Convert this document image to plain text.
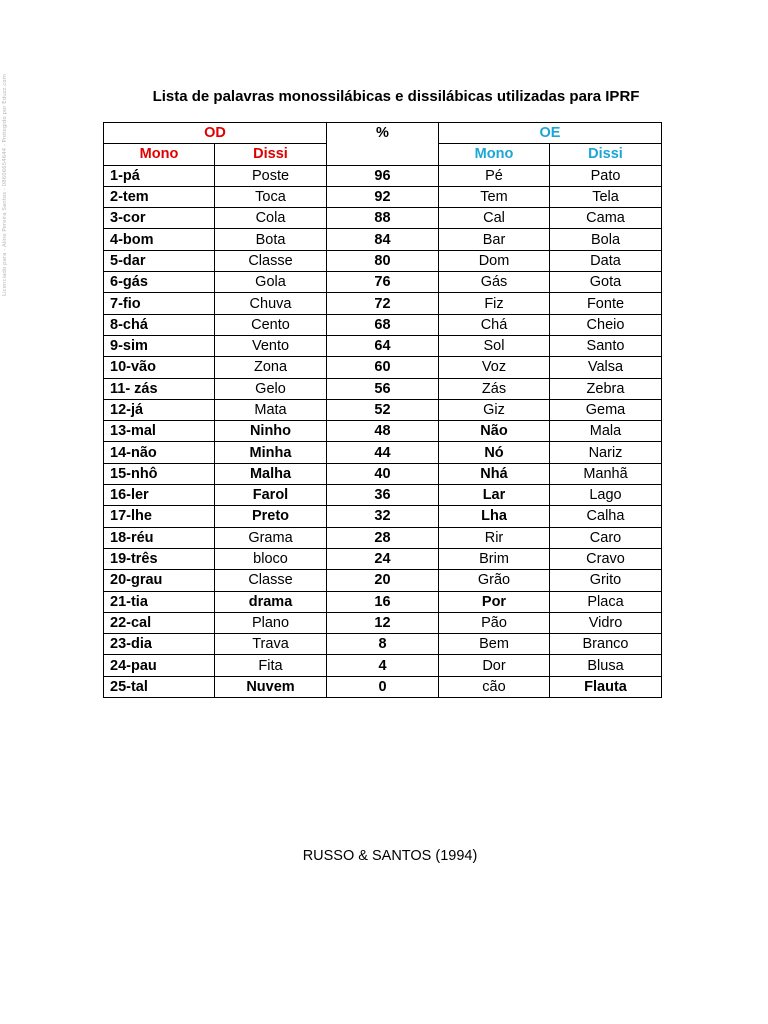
Licenciado para - Aline Pereira Santos - 08606654644 - Protegido por Eduzz.com	Lista de palavras monossilábicas e dissilábicas utilizadas para IPRF
OD		%	OE	
Mono	Dissi		Mono	Dissi
1-pá	Poste	96	Pé	Pato
2-tem	Toca	92	Tem	Tela
3-cor	Cola	88	Cal	Cama
4-bom	Bota	84	Bar	Bola
5-dar	Classe	80	Dom	Data
6-gás	Gola	76	Gás	Gota
7-fio	Chuva	72	Fiz	Fonte
8-chá	Cento	68	Chá	Cheio
9-sim	Vento	64	Sol	Santo
10-vão	Zona	60	Voz	Valsa
11- zás	Gelo	56	Zás	Zebra
12-já	Mata	52	Giz	Gema
13-mal	Ninho	48	Não	Mala
14-não	Minha	44	Nó	Nariz
15-nhô	Malha	40	Nhá	Manhã
16-ler	Farol	36	Lar	Lago
17-lhe	Preto	32	Lha	Calha
18-réu	Grama	28	Rir	Caro
19-três	bloco	24	Brim	Cravo
20-grau	Classe	20	Grão	Grito
21-tia	drama	16	Por	Placa
22-cal	Plano	12	Pão	Vidro
23-dia	Trava	8	Bem	Branco
24-pau	Fita	4	Dor	Blusa
25-tal	Nuvem	0	cão	Flauta
RUSSO & SANTOS (1994)
